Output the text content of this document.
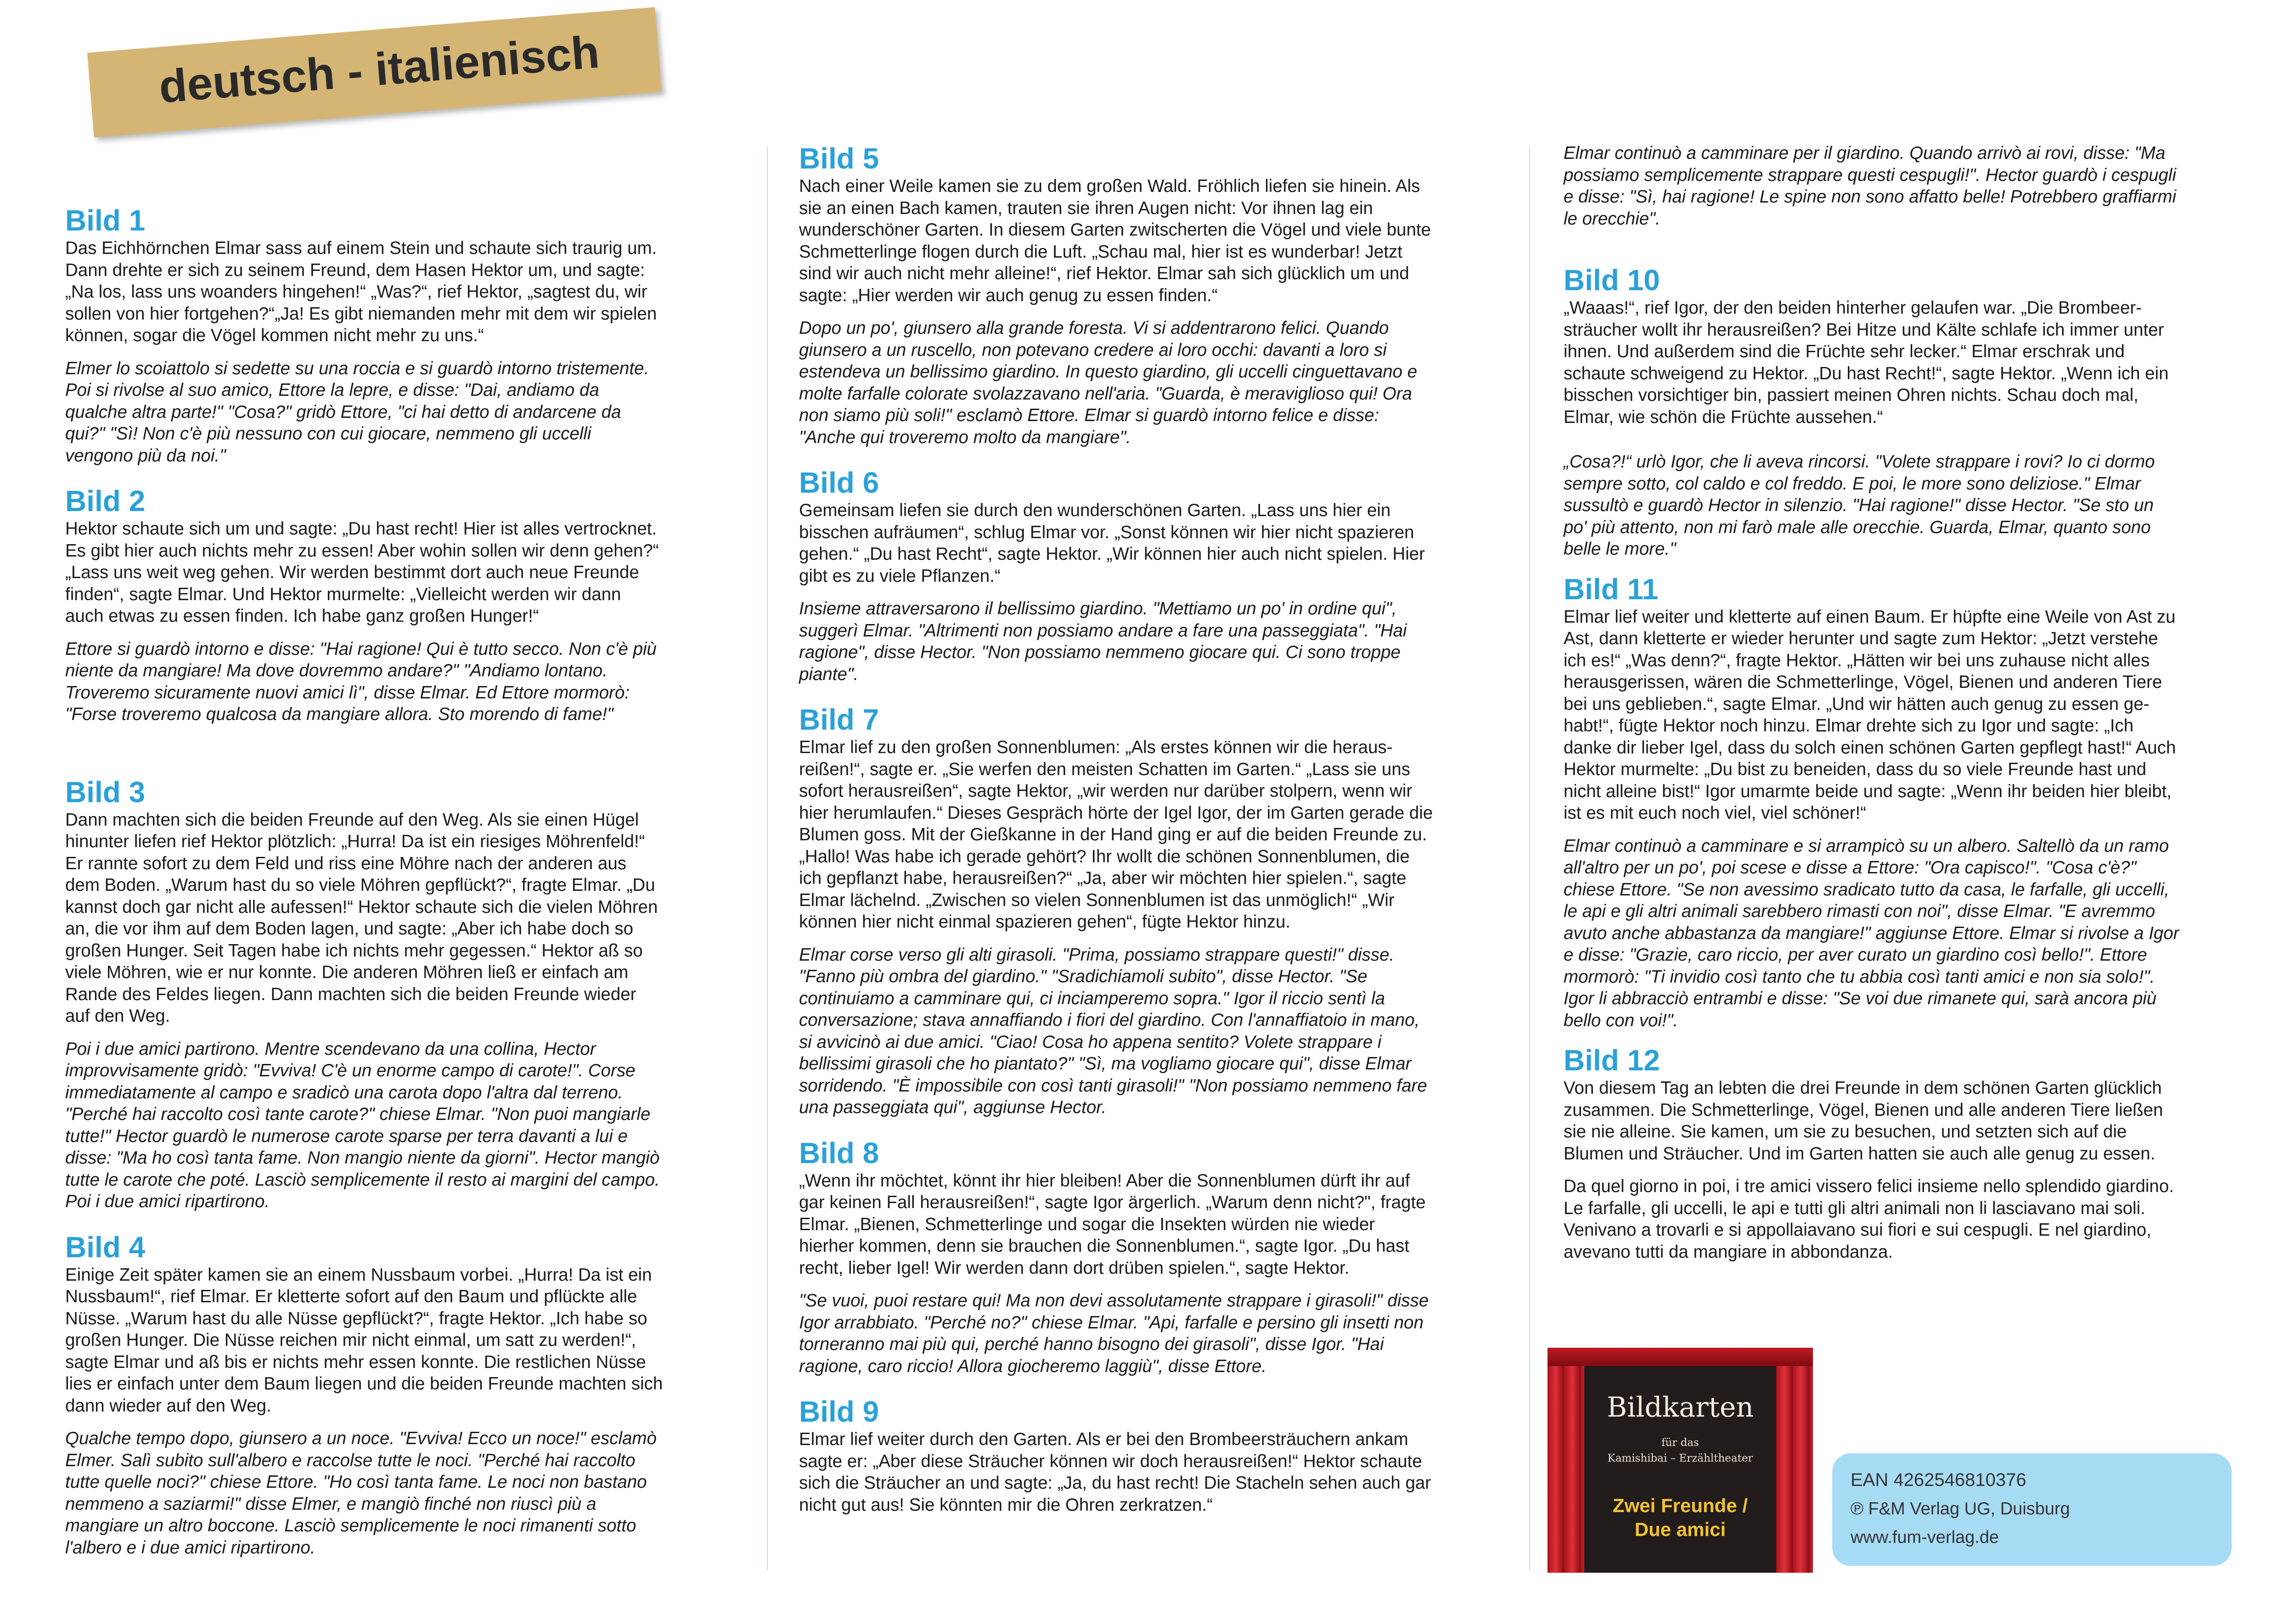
deutsch - italienisch
Bild 1

Das Eichhörnchen Elmar sass auf einem Stein und schaute sich traurig um.
Dann drehte er sich zu seinem Freund, dem Hasen Hektor um, und sagte:
„Na los, lass uns woanders hingehen!“ „Was?“, rief Hektor, „sagtest du, wir
sollen von hier fortgehen?“„Ja! Es gibt niemanden mehr mit dem wir spielen
können, sogar die Vögel kommen nicht mehr zu uns.“

Elmer lo scoiattolo si sedette su una roccia e si guardò intorno tristemente.
Poi si rivolse al suo amico, Ettore la lepre, e disse: "Dai, andiamo da
qualche altra parte!" "Cosa?" gridò Ettore, "ci hai detto di andarcene da
qui?" "Sì! Non c'è più nessuno con cui giocare, nemmeno gli uccelli
vengono più da noi."

Bild 2

Hektor schaute sich um und sagte: „Du hast recht! Hier ist alles vertrocknet.
Es gibt hier auch nichts mehr zu essen! Aber wohin sollen wir denn gehen?“
„Lass uns weit weg gehen. Wir werden bestimmt dort auch neue Freunde
finden“, sagte Elmar. Und Hektor murmelte: „Vielleicht werden wir dann
auch etwas zu essen finden. Ich habe ganz großen Hunger!“

Ettore si guardò intorno e disse: "Hai ragione! Qui è tutto secco. Non c'è più
niente da mangiare! Ma dove dovremmo andare?" "Andiamo lontano.
Troveremo sicuramente nuovi amici lì", disse Elmar. Ed Ettore mormorò:
"Forse troveremo qualcosa da mangiare allora. Sto morendo di fame!"

Bild 3

Dann machten sich die beiden Freunde auf den Weg. Als sie einen Hügel
hinunter liefen rief Hektor plötzlich: „Hurra! Da ist ein riesiges Möhrenfeld!“
Er rannte sofort zu dem Feld und riss eine Möhre nach der anderen aus
dem Boden. „Warum hast du so viele Möhren gepflückt?“, fragte Elmar. „Du
kannst doch gar nicht alle aufessen!“ Hektor schaute sich die vielen Möhren
an, die vor ihm auf dem Boden lagen, und sagte: „Aber ich habe doch so
großen Hunger. Seit Tagen habe ich nichts mehr gegessen.“ Hektor aß so
viele Möhren, wie er nur konnte. Die anderen Möhren ließ er einfach am
Rande des Feldes liegen. Dann machten sich die beiden Freunde wieder
auf den Weg.

Poi i due amici partirono. Mentre scendevano da una collina, Hector
improvvisamente gridò: "Evviva! C'è un enorme campo di carote!". Corse
immediatamente al campo e sradicò una carota dopo l'altra dal terreno.
"Perché hai raccolto così tante carote?" chiese Elmar. "Non puoi mangiarle
tutte!" Hector guardò le numerose carote sparse per terra davanti a lui e
disse: "Ma ho così tanta fame. Non mangio niente da giorni". Hector mangiò
tutte le carote che poté. Lasciò semplicemente il resto ai margini del campo.
Poi i due amici ripartirono.

Bild 4

Einige Zeit später kamen sie an einem Nussbaum vorbei. „Hurra! Da ist ein
Nussbaum!“, rief Elmar. Er kletterte sofort auf den Baum und pflückte alle
Nüsse. „Warum hast du alle Nüsse gepflückt?“, fragte Hektor. „Ich habe so
großen Hunger. Die Nüsse reichen mir nicht einmal, um satt zu werden!“,
sagte Elmar und aß bis er nichts mehr essen konnte. Die restlichen Nüsse
lies er einfach unter dem Baum liegen und die beiden Freunde machten sich
dann wieder auf den Weg.

Qualche tempo dopo, giunsero a un noce. "Evviva! Ecco un noce!" esclamò
Elmer. Salì subito sull'albero e raccolse tutte le noci. "Perché hai raccolto
tutte quelle noci?" chiese Ettore. "Ho così tanta fame. Le noci non bastano
nemmeno a saziarmi!" disse Elmer, e mangiò finché non riuscì più a
mangiare un altro boccone. Lasciò semplicemente le noci rimanenti sotto
l'albero e i due amici ripartirono.

Bild 5

Nach einer Weile kamen sie zu dem großen Wald. Fröhlich liefen sie hinein. Als
sie an einen Bach kamen, trauten sie ihren Augen nicht: Vor ihnen lag ein
wunderschöner Garten. In diesem Garten zwitscherten die Vögel und viele bunte
Schmetterlinge flogen durch die Luft. „Schau mal, hier ist es wunderbar! Jetzt
sind wir auch nicht mehr alleine!“, rief Hektor. Elmar sah sich glücklich um und
sagte: „Hier werden wir auch genug zu essen finden.“

Dopo un po', giunsero alla grande foresta. Vi si addentrarono felici. Quando
giunsero a un ruscello, non potevano credere ai loro occhi: davanti a loro si
estendeva un bellissimo giardino. In questo giardino, gli uccelli cinguettavano e
molte farfalle colorate svolazzavano nell'aria. "Guarda, è meraviglioso qui! Ora
non siamo più soli!" esclamò Ettore. Elmar si guardò intorno felice e disse:
"Anche qui troveremo molto da mangiare".

Bild 6

Gemeinsam liefen sie durch den wunderschönen Garten. „Lass uns hier ein
bisschen aufräumen“, schlug Elmar vor. „Sonst können wir hier nicht spazieren
gehen.“ „Du hast Recht“, sagte Hektor. „Wir können hier auch nicht spielen. Hier
gibt es zu viele Pflanzen.“

Insieme attraversarono il bellissimo giardino. "Mettiamo un po' in ordine qui",
suggerì Elmar. "Altrimenti non possiamo andare a fare una passeggiata". "Hai
ragione", disse Hector. "Non possiamo nemmeno giocare qui. Ci sono troppe
piante".

Bild 7

Elmar lief zu den großen Sonnenblumen: „Als erstes können wir die heraus-
reißen!“, sagte er. „Sie werfen den meisten Schatten im Garten.“ „Lass sie uns
sofort herausreißen“, sagte Hektor, „wir werden nur darüber stolpern, wenn wir
hier herumlaufen.“ Dieses Gespräch hörte der Igel Igor, der im Garten gerade die
Blumen goss. Mit der Gießkanne in der Hand ging er auf die beiden Freunde zu.
„Hallo! Was habe ich gerade gehört? Ihr wollt die schönen Sonnenblumen, die
ich gepflanzt habe, herausreißen?“ „Ja, aber wir möchten hier spielen.“, sagte
Elmar lächelnd. „Zwischen so vielen Sonnenblumen ist das unmöglich!“ „Wir
können hier nicht einmal spazieren gehen“, fügte Hektor hinzu.

Elmar corse verso gli alti girasoli. "Prima, possiamo strappare questi!" disse.
"Fanno più ombra del giardino." "Sradichiamoli subito", disse Hector. "Se
continuiamo a camminare qui, ci inciamperemo sopra." Igor il riccio sentì la
conversazione; stava annaffiando i fiori del giardino. Con l'annaffiatoio in mano,
si avvicinò ai due amici. "Ciao! Cosa ho appena sentito? Volete strappare i
bellissimi girasoli che ho piantato?" "Sì, ma vogliamo giocare qui", disse Elmar
sorridendo. "È impossibile con così tanti girasoli!" "Non possiamo nemmeno fare
una passeggiata qui", aggiunse Hector.

Bild 8

„Wenn ihr möchtet, könnt ihr hier bleiben! Aber die Sonnenblumen dürft ihr auf
gar keinen Fall herausreißen!“, sagte Igor ärgerlich. „Warum denn nicht?", fragte
Elmar. „Bienen, Schmetterlinge und sogar die Insekten würden nie wieder
hierher kommen, denn sie brauchen die Sonnenblumen.“, sagte Igor. „Du hast
recht, lieber Igel! Wir werden dann dort drüben spielen.“, sagte Hektor.

"Se vuoi, puoi restare qui! Ma non devi assolutamente strappare i girasoli!" disse
Igor arrabbiato. "Perché no?" chiese Elmar. "Api, farfalle e persino gli insetti non
torneranno mai più qui, perché hanno bisogno dei girasoli", disse Igor. "Hai
ragione, caro riccio! Allora giocheremo laggiù", disse Ettore.

Bild 9

Elmar lief weiter durch den Garten. Als er bei den Brombeersträuchern ankam
sagte er: „Aber diese Sträucher können wir doch herausreißen!“ Hektor schaute
sich die Sträucher an und sagte: „Ja, du hast recht! Die Stacheln sehen auch gar
nicht gut aus! Sie könnten mir die Ohren zerkratzen.“

Elmar continuò a camminare per il giardino. Quando arrivò ai rovi, disse: "Ma
possiamo semplicemente strappare questi cespugli!". Hector guardò i cespugli
e disse: "Sì, hai ragione! Le spine non sono affatto belle! Potrebbero graffiarmi
le orecchie".

Bild 10

„Waaas!“, rief Igor, der den beiden hinterher gelaufen war. „Die Brombeer-
sträucher wollt ihr herausreißen? Bei Hitze und Kälte schlafe ich immer unter
ihnen. Und außerdem sind die Früchte sehr lecker.“ Elmar erschrak und
schaute schweigend zu Hektor. „Du hast Recht!“, sagte Hektor. „Wenn ich ein
bisschen vorsichtiger bin, passiert meinen Ohren nichts. Schau doch mal,
Elmar, wie schön die Früchte aussehen.“

„Cosa?!“ urlò Igor, che li aveva rincorsi. "Volete strappare i rovi? Io ci dormo
sempre sotto, col caldo e col freddo. E poi, le more sono deliziose." Elmar
sussultò e guardò Hector in silenzio. "Hai ragione!" disse Hector. "Se sto un
po' più attento, non mi farò male alle orecchie. Guarda, Elmar, quanto sono
belle le more."

Bild 11

Elmar lief weiter und kletterte auf einen Baum. Er hüpfte eine Weile von Ast zu
Ast, dann kletterte er wieder herunter und sagte zum Hektor: „Jetzt verstehe
ich es!“ „Was denn?“, fragte Hektor. „Hätten wir bei uns zuhause nicht alles
herausgerissen, wären die Schmetterlinge, Vögel, Bienen und anderen Tiere
bei uns geblieben.“, sagte Elmar. „Und wir hätten auch genug zu essen ge-
habt!“, fügte Hektor noch hinzu. Elmar drehte sich zu Igor und sagte: „Ich
danke dir lieber Igel, dass du solch einen schönen Garten gepflegt hast!“ Auch
Hektor murmelte: „Du bist zu beneiden, dass du so viele Freunde hast und
nicht alleine bist!“ Igor umarmte beide und sagte: „Wenn ihr beiden hier bleibt,
ist es mit euch noch viel, viel schöner!“

Elmar continuò a camminare e si arrampicò su un albero. Saltellò da un ramo
all'altro per un po', poi scese e disse a Ettore: "Ora capisco!". "Cosa c'è?"
chiese Ettore. "Se non avessimo sradicato tutto da casa, le farfalle, gli uccelli,
le api e gli altri animali sarebbero rimasti con noi", disse Elmar. "E avremmo
avuto anche abbastanza da mangiare!" aggiunse Ettore. Elmar si rivolse a Igor
e disse: "Grazie, caro riccio, per aver curato un giardino così bello!". Ettore
mormorò: "Ti invidio così tanto che tu abbia così tanti amici e non sia solo!".
Igor li abbracciò entrambi e disse: "Se voi due rimanete qui, sarà ancora più
bello con voi!".

Bild 12

Von diesem Tag an lebten die drei Freunde in dem schönen Garten glücklich
zusammen. Die Schmetterlinge, Vögel, Bienen und alle anderen Tiere ließen
sie nie alleine. Sie kamen, um sie zu besuchen, und setzten sich auf die
Blumen und Sträucher. Und im Garten hatten sie auch alle genug zu essen.

Da quel giorno in poi, i tre amici vissero felici insieme nello splendido giardino.
Le farfalle, gli uccelli, le api e tutti gli altri animali non li lasciavano mai soli.
Venivano a trovarli e si appollaiavano sui fiori e sui cespugli. E nel giardino,
avevano tutti da mangiare in abbondanza.

Bildkarten
für das
Kamishibai – Erzähltheater
Zwei Freunde /
Due amici
EAN 4262546810376
℗ F&M Verlag UG, Duisburg
www.fum-verlag.de
